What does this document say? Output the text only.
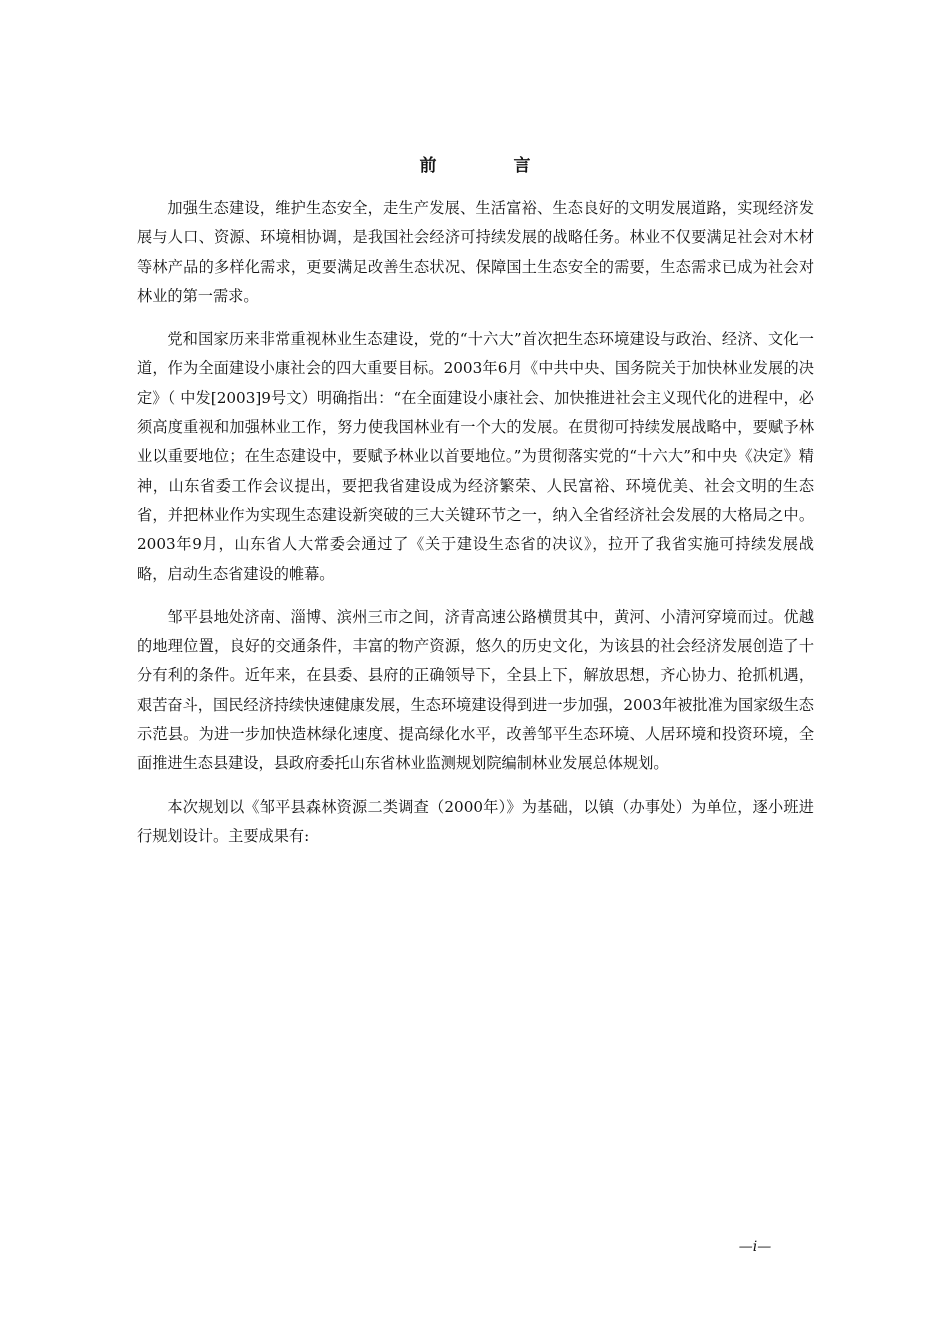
前　言

加强生态建设，维护生态安全，走生产发展、生活富裕、生态良好的文明发展道路，实现经济发展与人口、资源、环境相协调，是我国社会经济可持续发展的战略任务。林业不仅要满足社会对木材等林产品的多样化需求，更要满足改善生态状况、保障国土生态安全的需要，生态需求已成为社会对林业的第一需求。

党和国家历来非常重视林业生态建设，党的“十六大”首次把生态环境建设与政治、经济、文化一道，作为全面建设小康社会的四大重要目标。2003年6月《中共中央、国务院关于加快林业发展的决定》（ 中发[2003]9号文）明确指出：“在全面建设小康社会、加快推进社会主义现代化的进程中，必须高度重视和加强林业工作，努力使我国林业有一个大的发展。在贯彻可持续发展战略中，要赋予林业以重要地位；在生态建设中，要赋予林业以首要地位。”为贯彻落实党的“十六大”和中央《决定》精神，山东省委工作会议提出，要把我省建设成为经济繁荣、人民富裕、环境优美、社会文明的生态省，并把林业作为实现生态建设新突破的三大关键环节之一，纳入全省经济社会发展的大格局之中。2003年9月，山东省人大常委会通过了《关于建设生态省的决议》，拉开了我省实施可持续发展战略，启动生态省建设的帷幕。

邹平县地处济南、淄博、滨州三市之间，济青高速公路横贯其中，黄河、小清河穿境而过。优越的地理位置，良好的交通条件，丰富的物产资源，悠久的历史文化，为该县的社会经济发展创造了十分有利的条件。近年来，在县委、县府的正确领导下，全县上下，解放思想，齐心协力、抢抓机遇，艰苦奋斗，国民经济持续快速健康发展，生态环境建设得到进一步加强，2003年被批准为国家级生态示范县。为进一步加快造林绿化速度、提高绿化水平，改善邹平生态环境、人居环境和投资环境，全面推进生态县建设，县政府委托山东省林业监测规划院编制林业发展总体规划。

本次规划以《邹平县森林资源二类调查（2000年）》为基础，以镇（办事处）为单位，逐小班进行规划设计。主要成果有:

—i—
